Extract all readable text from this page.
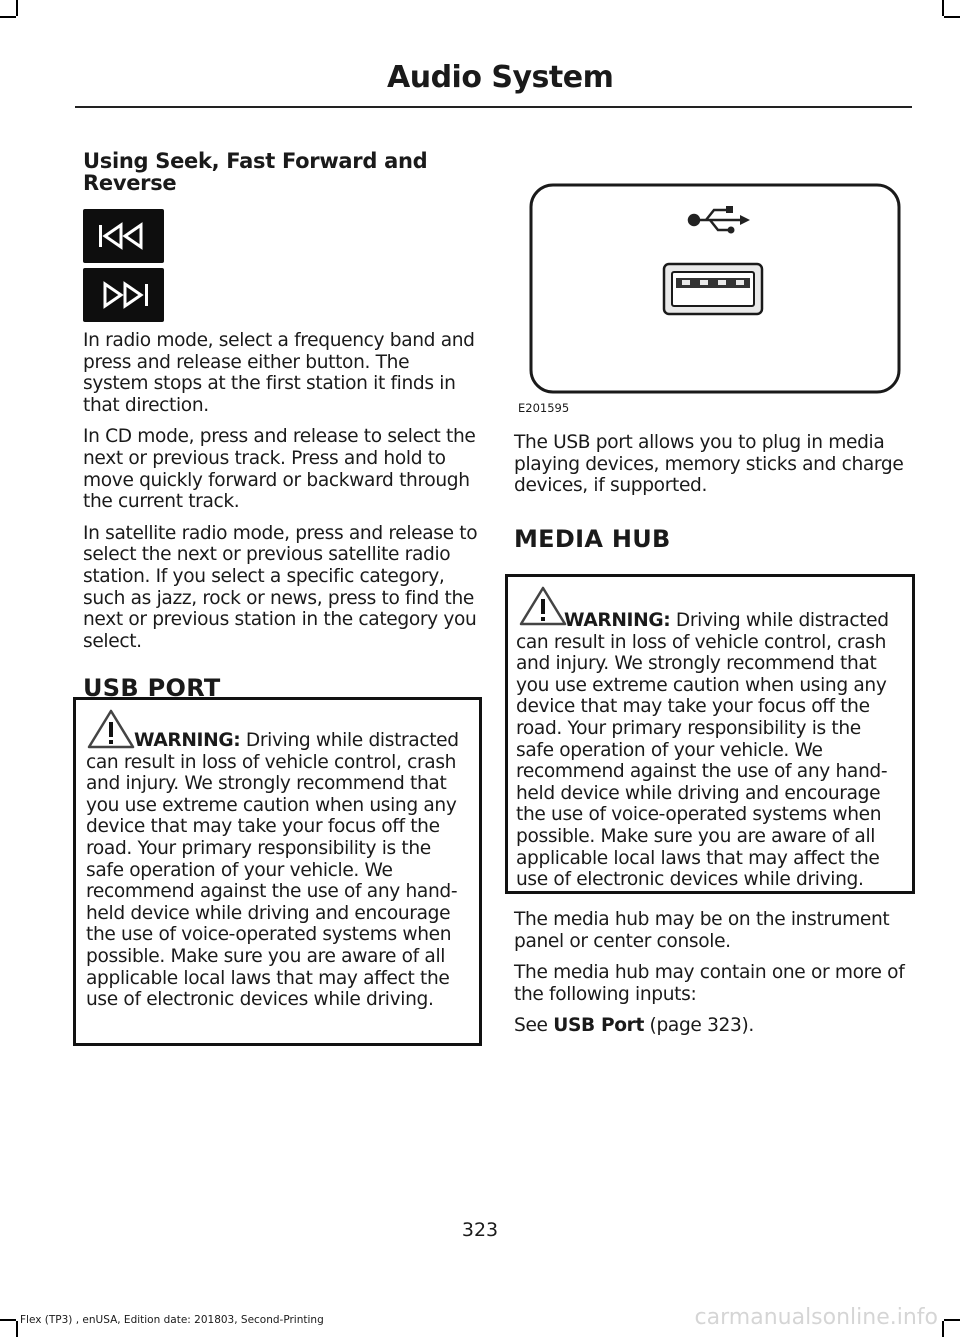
Audio System

Using Seek, Fast Forward and Reverse

In radio mode, select a frequency band and press and release either button. The system stops at the first station it finds in that direction.

In CD mode, press and release to select the next or previous track. Press and hold to move quickly forward or backward through the current track.

In satellite radio mode, press and release to select the next or previous satellite radio station. If you select a specific category, such as jazz, rock or news, press to find the next or previous station in the category you select.

USB PORT

WARNING: Driving while distracted can result in loss of vehicle control, crash and injury. We strongly recommend that you use extreme caution when using any device that may take your focus off the road. Your primary responsibility is the safe operation of your vehicle. We recommend against the use of any hand-held device while driving and encourage the use of voice-operated systems when possible. Make sure you are aware of all applicable local laws that may affect the use of electronic devices while driving.

E201595

The USB port allows you to plug in media playing devices, memory sticks and charge devices, if supported.

MEDIA HUB

WARNING: Driving while distracted can result in loss of vehicle control, crash and injury. We strongly recommend that you use extreme caution when using any device that may take your focus off the road. Your primary responsibility is the safe operation of your vehicle. We recommend against the use of any hand-held device while driving and encourage the use of voice-operated systems when possible. Make sure you are aware of all applicable local laws that may affect the use of electronic devices while driving.

The media hub may be on the instrument panel or center console.

The media hub may contain one or more of the following inputs:

See USB Port (page 323).

323
Flex (TP3) , enUSA, Edition date: 201803, Second-Printing	carmanualsonline.info
